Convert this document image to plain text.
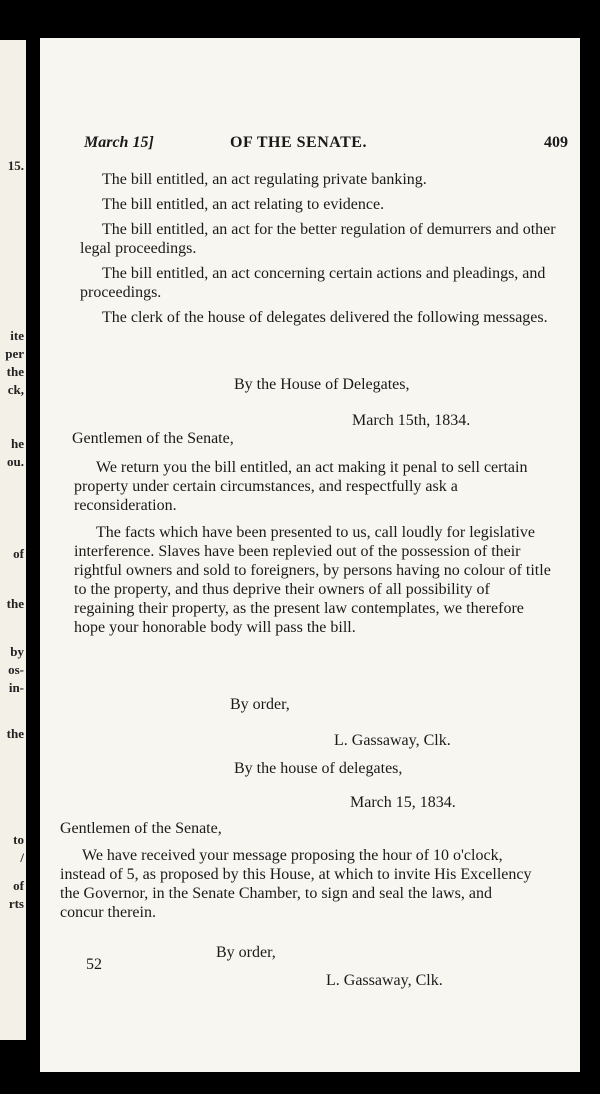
15.
ite
per
the
ck,
he
ou.
of
the
by
os-
in-
the
to
/
of
rts
March 15]	OF THE SENATE.	409

The bill entitled, an act regulating private banking.

The bill entitled, an act relating to evidence.

The bill entitled, an act for the better regulation of demurrers and other legal proceedings.

The bill entitled, an act concerning certain actions and pleadings, and proceedings.

The clerk of the house of delegates delivered the following messages.

By the House of Delegates,
March 15th, 1834.
Gentlemen of the Senate,

We return you the bill entitled, an act making it penal to sell certain property under certain circumstances, and respectfully ask a reconsideration.

The facts which have been presented to us, call loudly for legislative interference. Slaves have been replevied out of the possession of their rightful owners and sold to foreigners, by persons having no colour of title to the property, and thus deprive their owners of all possibility of regaining their property, as the present law contemplates, we therefore hope your honorable body will pass the bill.

By order,
L. Gassaway, Clk.
By the house of delegates,
March 15, 1834.
Gentlemen of the Senate,

We have received your message proposing the hour of 10 o'clock, instead of 5, as proposed by this House, at which to invite His Excellency the Governor, in the Senate Chamber, to sign and seal the laws, and concur therein.

By order,
52
L. Gassaway, Clk.
